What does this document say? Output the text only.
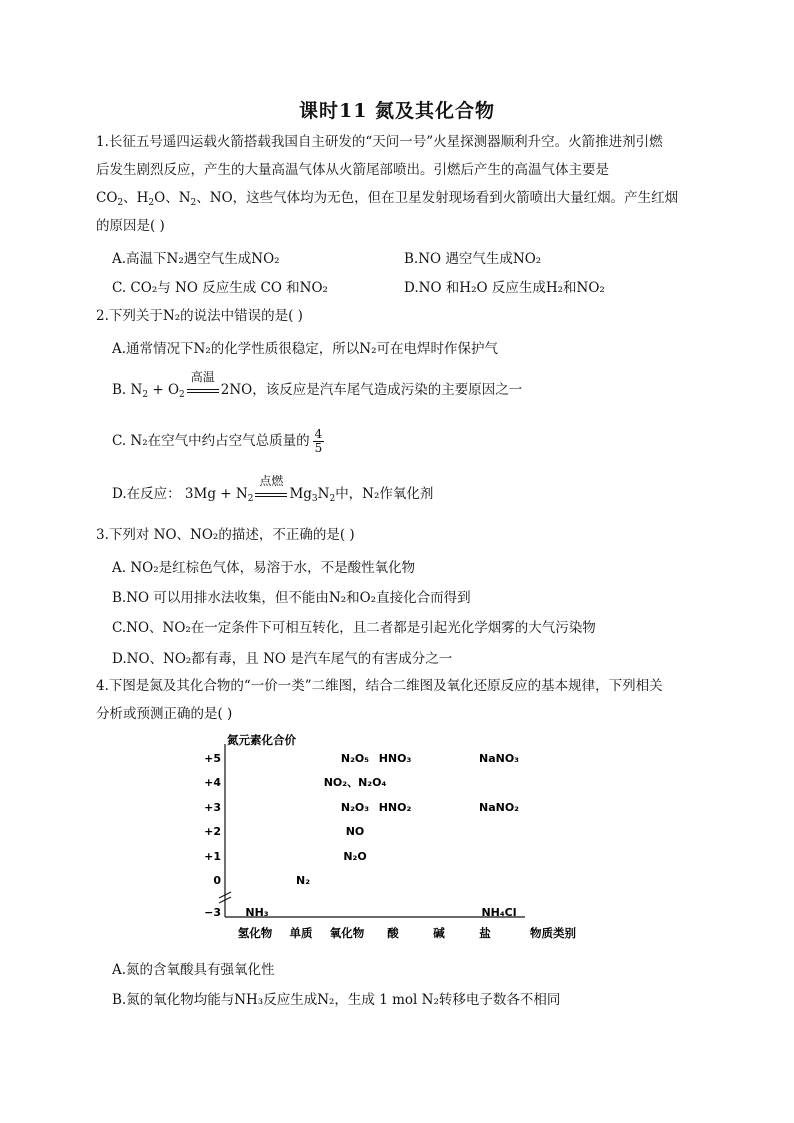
课时11 氮及其化合物
1.长征五号遥四运载火箭搭载我国自主研发的“天问一号”火星探测器顺利升空。火箭推进剂引燃
后发生剧烈反应，产生的大量高温气体从火箭尾部喷出。引燃后产生的高温气体主要是
$CO_2$、$H_2O$、$N_2$、NO，这些气体均为无色，但在卫星发射现场看到火箭喷出大量红烟。产生红烟
的原因是( )
A.高温下N₂遇空气生成NO₂	B.NO 遇空气生成NO₂
C. CO₂与 NO 反应生成 CO 和NO₂	D.NO 和H₂O 反应生成H₂和NO₂
2.下列关于N₂的说法中错误的是( )
A.通常情况下N₂的化学性质很稳定，所以N₂可在电焊时作保护气
B. $N_2 + O_2$
高温
2NO，该反应是汽车尾气造成污染的主要原因之一
C. N₂在空气中约占空气总质量的 $\frac{4}{5}$
D.在反应： $3Mg + N_2$
点燃
$Mg_3N_2$中，N₂作氧化剂
3.下列对 NO、NO₂的描述，不正确的是( )
A. NO₂是红棕色气体，易溶于水，不是酸性氧化物
B.NO 可以用排水法收集，但不能由N₂和O₂直接化合而得到
C.NO、NO₂在一定条件下可相互转化，且二者都是引起光化学烟雾的大气污染物
D.NO、NO₂都有毒，且 NO 是汽车尾气的有害成分之一
4.下图是氮及其化合物的“一价一类”二维图，结合二维图及氧化还原反应的基本规律，下列相关
分析或预测正确的是( )
氮元素化合价
+5
+4
+3
+2
+1
0
−3
氢化物 单质 氧化物 酸	碱	盐	物质类别
N₂O₅ HNO₃	NaNO₃
NO₂、N₂O₄
N₂O₃ HNO₂	NaNO₂
NO
N₂O
N₂
NH₃	NH₄Cl
A.氮的含氧酸具有强氧化性
B.氮的氧化物均能与NH₃反应生成N₂，生成 1 mol N₂转移电子数各不相同
